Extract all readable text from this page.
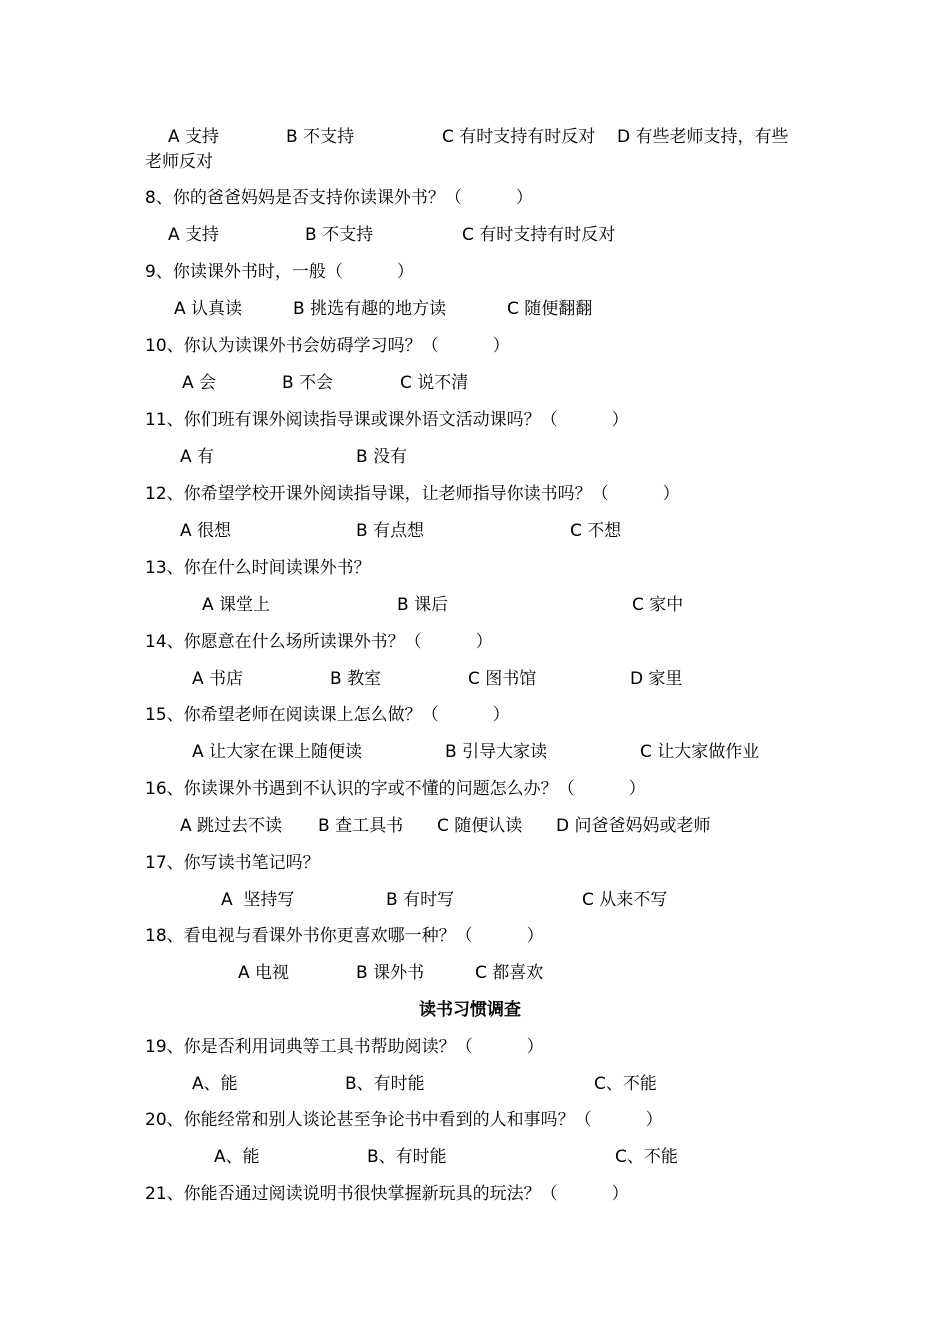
A 支持	B 不支持	C 有时支持有时反对 D 有些老师支持，有些
老师反对
8、你的爸爸妈妈是否支持你读课外书？（          ）
A 支持	B 不支持	C 有时支持有时反对
9、你读课外书时，一般（          ）
A 认真读	B 挑选有趣的地方读	C 随便翻翻
10、你认为读课外书会妨碍学习吗？（          ）
A 会	B 不会	C 说不清
11、你们班有课外阅读指导课或课外语文活动课吗？（          ）
A 有	B 没有
12、你希望学校开课外阅读指导课，让老师指导你读书吗？（          ）
A 很想	B 有点想	C 不想
13、你在什么时间读课外书？
A 课堂上	B 课后	C 家中
14、你愿意在什么场所读课外书？（          ）
A 书店	B 教室	C 图书馆	D 家里
15、你希望老师在阅读课上怎么做？（          ）
A 让大家在课上随便读	B 引导大家读	C 让大家做作业
16、你读课外书遇到不认识的字或不懂的问题怎么办？（          ）
A 跳过去不读 B 查工具书 C 随便认读 D 问爸爸妈妈或老师
17、你写读书笔记吗？
A  坚持写	B 有时写	C 从来不写
18、看电视与看课外书你更喜欢哪一种？（          ）
A 电视	B 课外书	C 都喜欢
读书习惯调查
19、你是否利用词典等工具书帮助阅读？（          ）
A、能	B、有时能	C、不能
20、你能经常和别人谈论甚至争论书中看到的人和事吗？（          ）
A、能	B、有时能	C、不能
21、你能否通过阅读说明书很快掌握新玩具的玩法？（          ）
